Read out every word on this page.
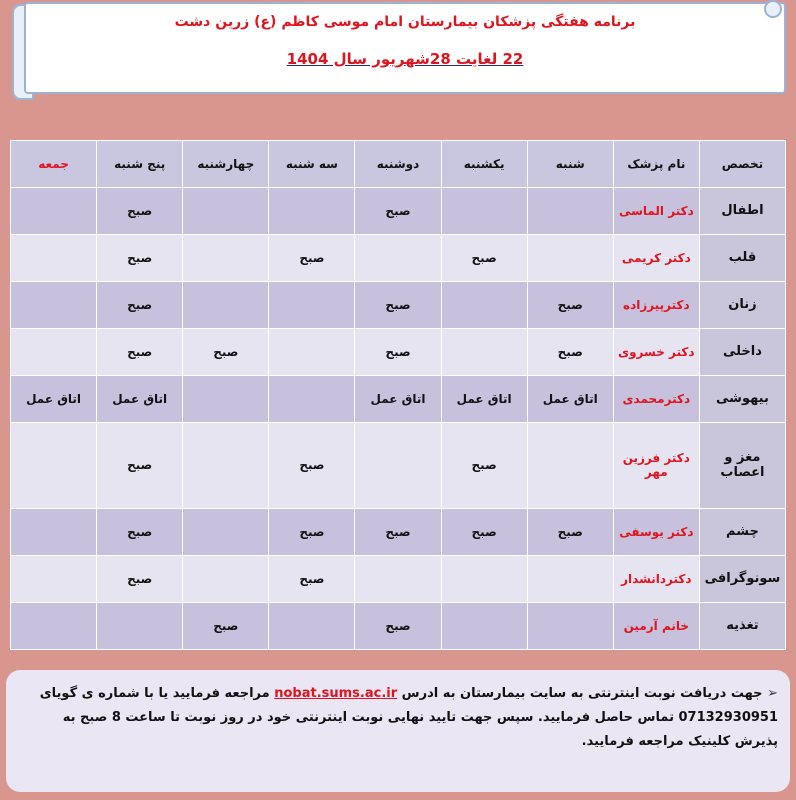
برنامه هفتگی پزشکان بیمارستان امام موسی کاظم (ع) زرین دشت
22 لغایت 28شهریور سال 1404
تخصص	نام پزشک	شنبه	یکشنبه	دوشنبه	سه شنبه	چهارشنبه	پنج شنبه	جمعه
اطفال	دکتر الماسی			صبح			صبح	
قلب	دکتر کریمی		صبح		صبح		صبح	
زنان	دکترپیرزاده	صبح		صبح			صبح	
داخلی	دکتر خسروی	صبح		صبح		صبح	صبح	
بیهوشی	دکترمحمدی	اتاق عمل	اتاق عمل	اتاق عمل			اتاق عمل	اتاق عمل
مغز و اعصاب	دکتر فرزین مهر		صبح		صبح		صبح	
چشم	دکتر یوسفی	صبح	صبح	صبح	صبح		صبح	
سونوگرافی	دکتردانشدار				صبح		صبح	
تغذیه	خانم آرمین			صبح		صبح		

➢ جهت دریافت نوبت اینترنتی به سایت بیمارستان به ادرس nobat.sums.ac.ir مراجعه فرمایید یا با شماره ی گویای 07132930951 تماس حاصل فرمایید. سپس جهت تایید نهایی نوبت اینترنتی خود در روز نوبت تا ساعت 8 صبح به پذیرش کلینیک مراجعه فرمایید.
